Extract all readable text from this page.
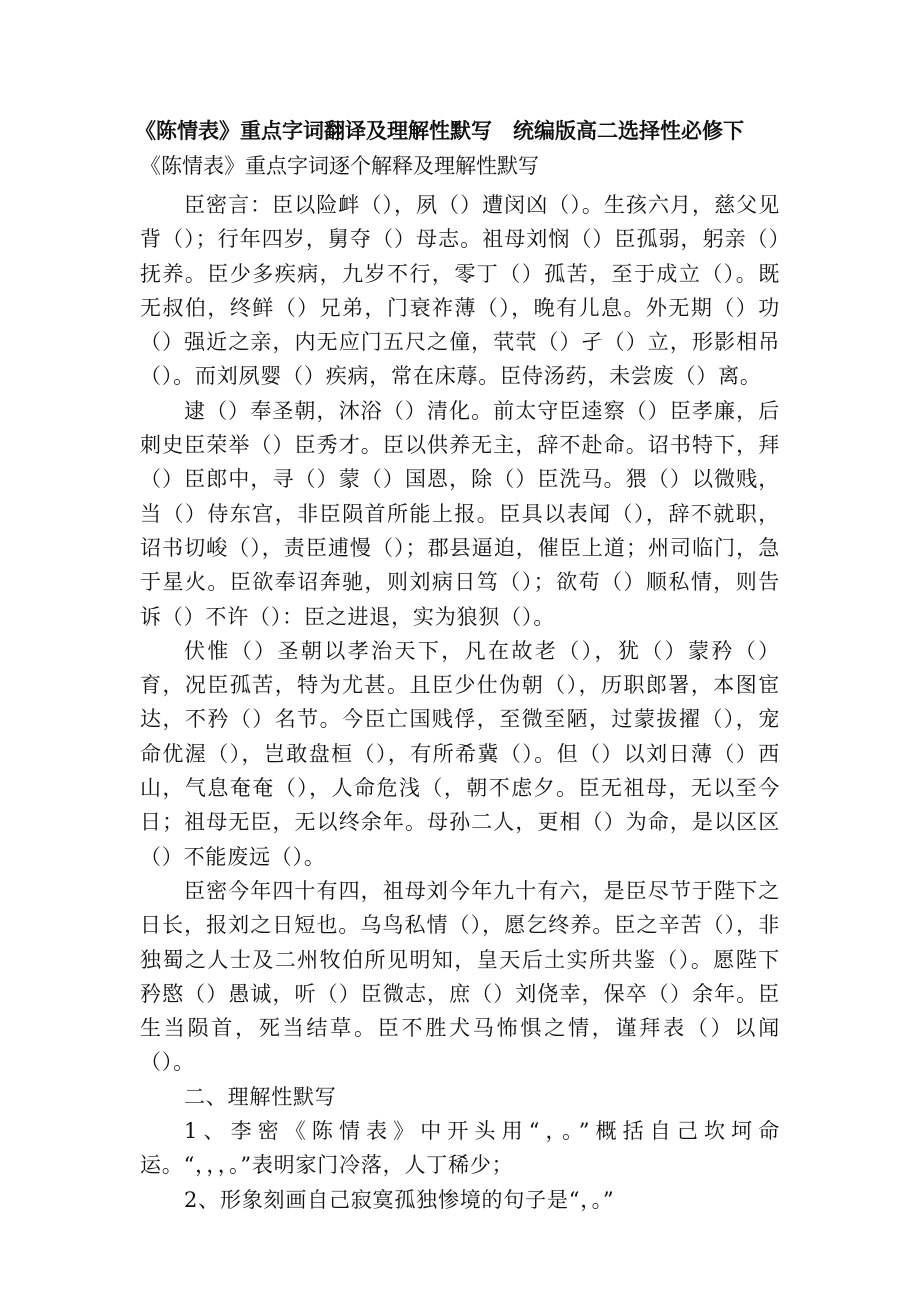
《陈情表》重点字词翻译及理解性默写　统编版高二选择性必修下
《陈情表》重点字词逐个解释及理解性默写

臣密言：臣以险衅（），夙（）遭闵凶（）。生孩六月，慈父见背（）；行年四岁，舅夺（）母志。祖母刘悯（）臣孤弱，躬亲（）抚养。臣少多疾病，九岁不行，零丁（）孤苦，至于成立（）。既无叔伯，终鲜（）兄弟，门衰祚薄（），晚有儿息。外无期（）功（）强近之亲，内无应门五尺之僮，茕茕（）孑（）立，形影相吊（）。而刘夙婴（）疾病，常在床蓐。臣侍汤药，未尝废（）离。

逮（）奉圣朝，沐浴（）清化。前太守臣逵察（）臣孝廉，后刺史臣荣举（）臣秀才。臣以供养无主，辞不赴命。诏书特下，拜（）臣郎中，寻（）蒙（）国恩，除（）臣洗马。猥（）以微贱，当（）侍东宫，非臣陨首所能上报。臣具以表闻（），辞不就职，诏书切峻（），责臣逋慢（）；郡县逼迫，催臣上道；州司临门，急于星火。臣欲奉诏奔驰，则刘病日笃（）；欲苟（）顺私情，则告诉（）不许（）：臣之进退，实为狼狈（）。

伏惟（）圣朝以孝治天下，凡在故老（），犹（）蒙矜（）育，况臣孤苦，特为尤甚。且臣少仕伪朝（），历职郎署，本图宦达，不矜（）名节。今臣亡国贱俘，至微至陋，过蒙拔擢（），宠命优渥（），岂敢盘桓（），有所希冀（）。但（）以刘日薄（）西山，气息奄奄（），人命危浅（，朝不虑夕。臣无祖母，无以至今日；祖母无臣，无以终余年。母孙二人，更相（）为命，是以区区（）不能废远（）。

臣密今年四十有四，祖母刘今年九十有六，是臣尽节于陛下之日长，报刘之日短也。乌鸟私情（），愿乞终养。臣之辛苦（），非独蜀之人士及二州牧伯所见明知，皇天后土实所共鉴（）。愿陛下矜愍（）愚诚，听（）臣微志，庶（）刘侥幸，保卒（）余年。臣生当陨首，死当结草。臣不胜犬马怖惧之情，谨拜表（）以闻（）。

二、理解性默写

1、李密《陈情表》中开头用“，。”概括自己坎坷命运。“，，，。”表明家门冷落，人丁稀少；

2、形象刻画自己寂寞孤独惨境的句子是“，。”
